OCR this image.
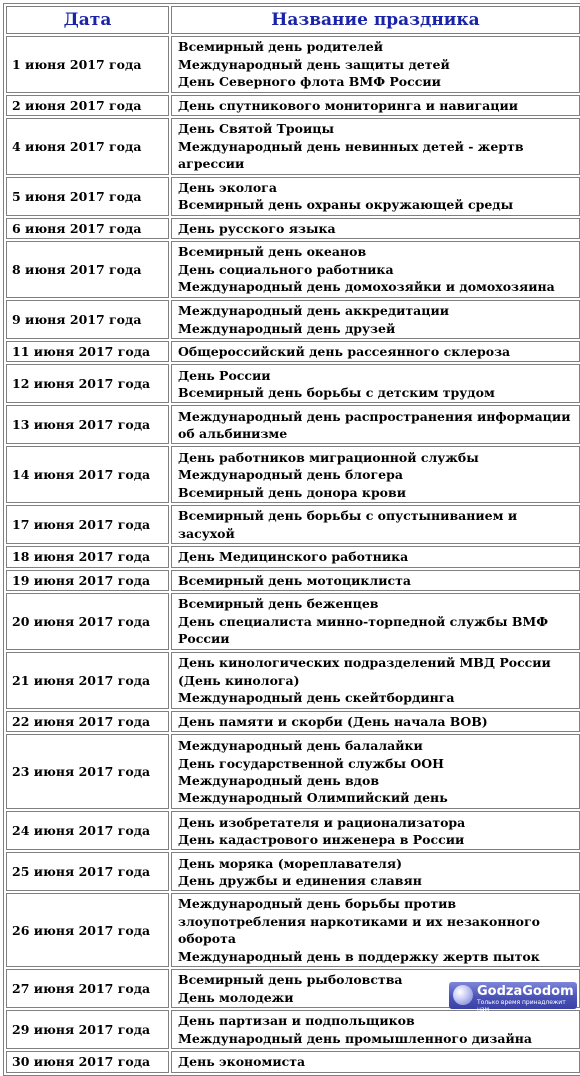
Дата	Название праздника
1 июня 2017 года	Всемирный день родителей
Международный день защиты детей
День Северного флота ВМФ России

2 июня 2017 года	День спутникового мониторинга и навигации

4 июня 2017 года	День Святой Троицы
Международный день невинных детей - жертв агрессии

5 июня 2017 года	День эколога
Всемирный день охраны окружающей среды

6 июня 2017 года	День русского языка

8 июня 2017 года	Всемирный день океанов
День социального работника
Международный день домохозяйки и домохозяина

9 июня 2017 года	Международный день аккредитации
Международный день друзей

11 июня 2017 года	Общероссийский день рассеянного склероза

12 июня 2017 года	День России
Всемирный день борьбы с детским трудом

13 июня 2017 года	Международный день распространения информации об альбинизме

14 июня 2017 года	День работников миграционной службы
Международный день блогера
Всемирный день донора крови

17 июня 2017 года	Всемирный день борьбы с опустыниванием и засухой

18 июня 2017 года	День Медицинского работника

19 июня 2017 года	Всемирный день мотоциклиста

20 июня 2017 года	Всемирный день беженцев
День специалиста минно-торпедной службы ВМФ России

21 июня 2017 года	День кинологических подразделений МВД России (День кинолога)
Международный день скейтбординга

22 июня 2017 года	День памяти и скорби (День начала ВОВ)

23 июня 2017 года	Международный день балалайки
День государственной службы ООН
Международный день вдов
Международный Олимпийский день

24 июня 2017 года	День изобретателя и рационализатора
День кадастрового инженера в России

25 июня 2017 года	День моряка (мореплавателя)
День дружбы и единения славян

26 июня 2017 года	Международный день борьбы против злоупотребления наркотиками и их незаконного оборота
Международный день в поддержку жертв пыток

27 июня 2017 года	Всемирный день рыболовства
День молодежи

29 июня 2017 года	День партизан и подпольщиков
Международный день промышленного дизайна

30 июня 2017 года	День экономиста
GodzaGodom
Только время принадлежит нам
